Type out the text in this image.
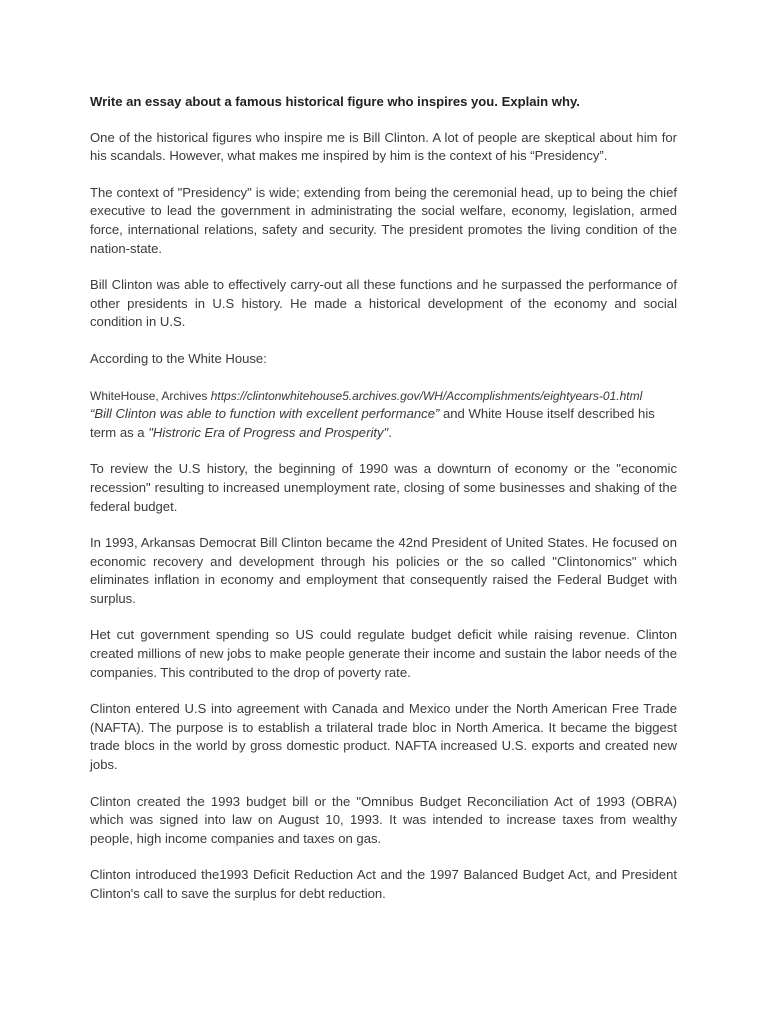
Write an essay about a famous historical figure who inspires you. Explain why.

One of the historical figures who inspire me is Bill Clinton. A lot of people are skeptical about him for his scandals. However, what makes me inspired by him is the context of his “Presidency”.

The context of "Presidency" is wide; extending from being the ceremonial head, up to being the chief executive to lead the government in administrating the social welfare, economy, legislation, armed force, international relations, safety and security. The president promotes the living condition of the nation-state.

Bill Clinton was able to effectively carry-out all these functions and he surpassed the performance of other presidents in U.S history. He made a historical development of the economy and social condition in U.S.

According to the White House:

WhiteHouse, Archives https://clintonwhitehouse5.archives.gov/WH/Accomplishments/eightyears-01.html

“Bill Clinton was able to function with excellent performance” and White House itself described his term as a "Histroric Era of Progress and Prosperity".

To review the U.S history, the beginning of 1990 was a downturn of economy or the "economic recession" resulting to increased unemployment rate, closing of some businesses and shaking of the federal budget.

In 1993, Arkansas Democrat Bill Clinton became the 42nd President of United States. He focused on economic recovery and development through his policies or the so called "Clintonomics" which eliminates inflation in economy and employment that consequently raised the Federal Budget with surplus.

Het cut government spending so US could regulate budget deficit while raising revenue. Clinton created millions of new jobs to make people generate their income and sustain the labor needs of the companies. This contributed to the drop of poverty rate.

Clinton entered U.S into agreement with Canada and Mexico under the North American Free Trade (NAFTA). The purpose is to establish a trilateral trade bloc in North America. It became the biggest trade blocs in the world by gross domestic product. NAFTA increased U.S. exports and created new jobs.

Clinton created the 1993 budget bill or the "Omnibus Budget Reconciliation Act of 1993 (OBRA) which was signed into law on August 10, 1993. It was intended to increase taxes from wealthy people, high income companies and taxes on gas.

Clinton introduced the1993 Deficit Reduction Act and the 1997 Balanced Budget Act, and President Clinton's call to save the surplus for debt reduction.
